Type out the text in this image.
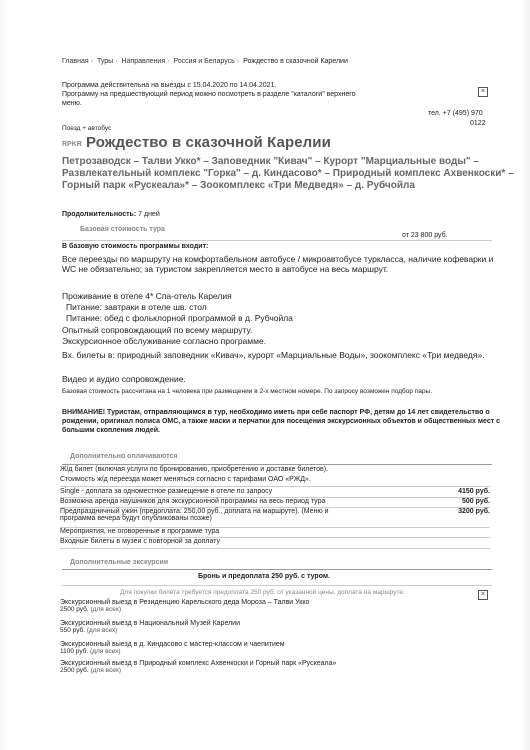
Главная › Туры › Направления › Россия и Беларусь › Рождество в сказочной Карелии
Программа действительна на выезды с 15.04.2020 по 14.04.2021.
Программу на предшествующий период можно посмотреть в разделе "каталоги" верхнего
меню.
×
тел. +7 (495) 970
0122
Поезд + автобус
RPKR Рождество в сказочной Карелии
Петрозаводск – Талви Укко* – Заповедник "Кивач" – Курорт "Марциальные воды" – Развлекательный комплекс "Горка" – д. Киндасово* – Природный комплекс Ахвенкоски* – Горный парк «Рускеала»* – Зоокомплекс «Три Медведя» – д. Рубчойла
Продолжительность: 7 дней
Базовая стоимость тура
от 23 800 руб.
В базовую стоимость программы входит:
Все переезды по маршруту на комфортабельном автобусе / микроавтобусе туркласса, наличие кофеварки и WC не обязательно; за туристом закрепляется место в автобусе на весь маршрут.
Проживание в отеле 4* Спа-отель Карелия
Питание: завтраки в отеле шв. стол
Питание: обед с фольклорной программой в д. Рубчойла
Опытный сопровождающий по всему маршруту.
Экскурсионное обслуживание согласно программе.
Вх. билеты в: природный заповедник «Кивач», курорт «Марциальные Воды», зоокомплекс «Три медведя».
Видео и аудио сопровождение.
Базовая стоимость рассчитана на 1 человека при размещении в 2-х местном номере. По запросу возможен подбор пары.
ВНИМАНИЕ! Туристам, отправляющимся в тур, необходимо иметь при себе паспорт РФ, детям до 14 лет свидетельство о рождении, оригинал полиса ОМС, а также маски и перчатки для посещения экскурсионных объектов и общественных мест с большим скопления людей.
Дополнительно оплачиваются
Ж/д билет (включая услуги по бронированию, приобретению и доставке билетов).
Стоимость ж/д переезда может меняться согласно с тарифами ОАО «РЖД».
Single - доплата за одноместное размещение в отеле по запросу	4150 руб.
Возможна аренда наушников для экскурсионной программы на весь период тура	500 руб.
Предпраздничный ужин (предоплата: 250,00 руб., доплата на маршруте). (Меню и
программа вечера будут опубликованы позже)
3200 руб.
Мероприятия, не оговоренные в программе тура
Входные билеты в музеи с повторной за доплату
Дополнительные экскурсии
Бронь и предоплата 250 руб. с туром.
Для покупки билета требуется предоплата 250 руб. от указанной цены, доплата на маршруте.	×
Экскурсионный выезд в Резиденцию Карельского деда Мороза – Талви Укко
2500 руб. (для всех)
Экскурсионный выезд в Национальный Музей Карелии
550 руб. (для всех)
Экскурсионный выезд в д. Киндасово с мастер-классом и чаепитием
1100 руб. (для всех)
Экскурсионный выезд в Природный комплекс Ахвенкоски и Горный парк «Рускеала»
2500 руб. (для всех)
